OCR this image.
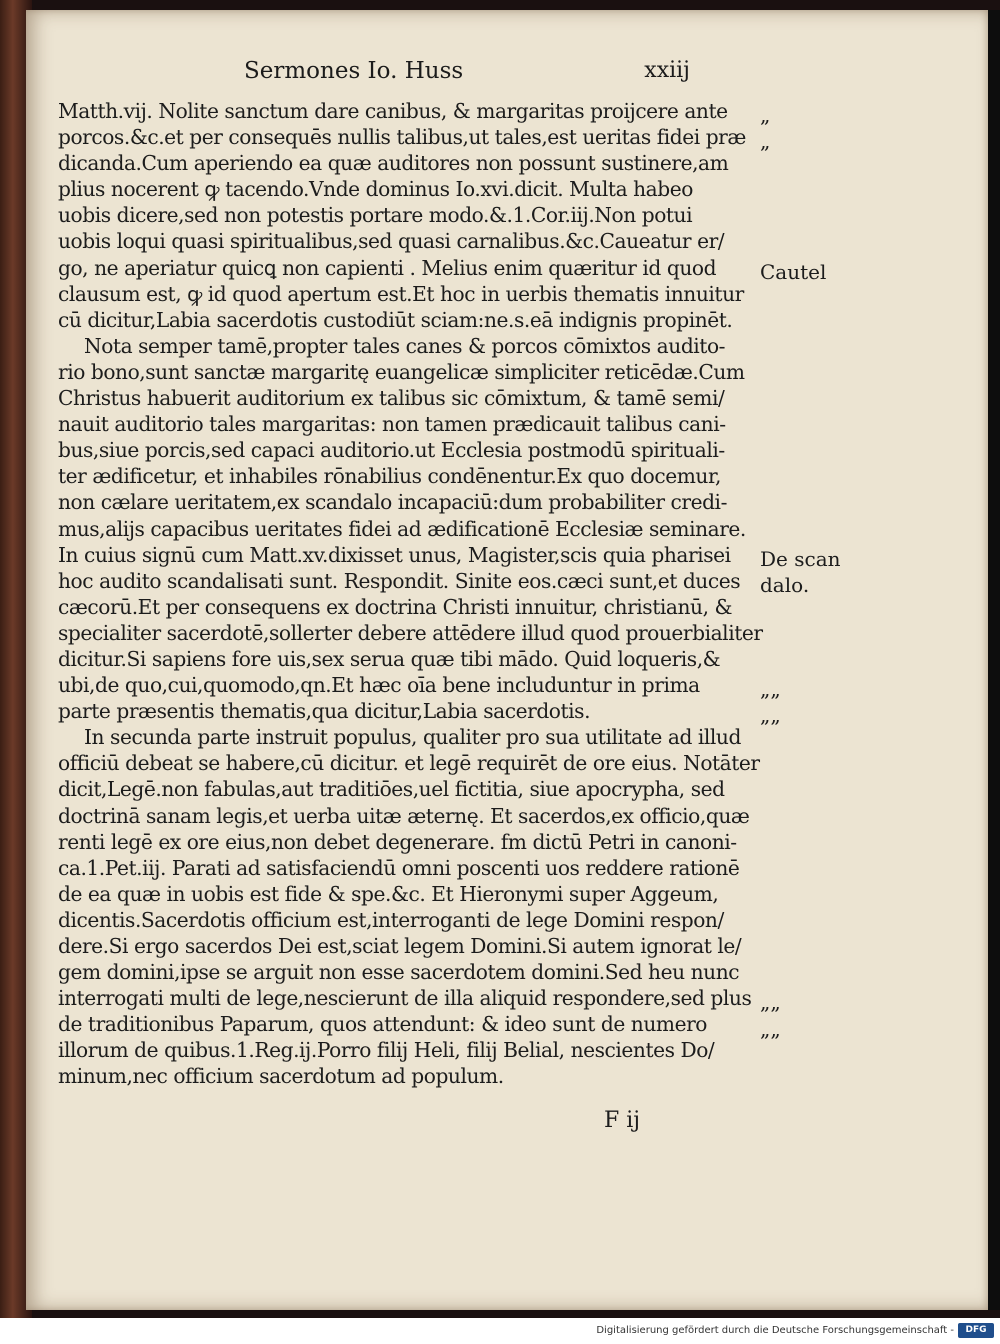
Sermones Io. Huss	xxiij
Matth.vij. Nolite sanctum dare canibus, & margaritas proijcere ante
porcos.&c.et per consequēs nullis talibus,ut tales,est ueritas fidei præ
dicanda.Cum aperiendo ea quæ auditores non possunt sustinere,am
plius nocerent ꝙ tacendo.Vnde dominus Io.xvi.dicit. Multa habeo
uobis dicere,sed non potestis portare modo.&.1.Cor.iij.Non potui
uobis loqui quasi spiritualibus,sed quasi carnalibus.&c.Caueatur er/
go, ne aperiatur quicꝗ non capienti . Melius enim quæritur id quod
clausum est, ꝙ id quod apertum est.Et hoc in uerbis thematis innuitur
cū dicitur,Labia sacerdotis custodiūt sciam:ne.s.eā indignis propinēt.
Nota semper tamē,propter tales canes & porcos cōmixtos audito-
rio bono,sunt sanctæ margaritę euangelicæ simpliciter reticēdæ.Cum
Christus habuerit auditorium ex talibus sic cōmixtum, & tamē semi/
nauit auditorio tales margaritas: non tamen prædicauit talibus cani-
bus,siue porcis,sed capaci auditorio.ut Ecclesia postmodū spirituali-
ter ædificetur, et inhabiles rōnabilius condēnentur.Ex quo docemur,
non cælare ueritatem,ex scandalo incapaciū:dum probabiliter credi-
mus,alijs capacibus ueritates fidei ad ædificationē Ecclesiæ seminare.
In cuius signū cum Matt.xv.dixisset unus, Magister,scis quia pharisei
hoc audito scandalisati sunt. Respondit. Sinite eos.cæci sunt,et duces
cæcorū.Et per consequens ex doctrina Christi innuitur, christianū, &
specialiter sacerdotē,sollerter debere attēdere illud quod prouerbialiter
dicitur.Si sapiens fore uis,sex serua quæ tibi mādo. Quid loqueris,&
ubi,de quo,cui,quomodo,qn.Et hæc oīa bene includuntur in prima
parte præsentis thematis,qua dicitur,Labia sacerdotis.
In secunda parte instruit populus, qualiter pro sua utilitate ad illud
officiū debeat se habere,cū dicitur. et legē requirēt de ore eius. Notāter
dicit,Legē.non fabulas,aut traditiōes,uel fictitia, siue apocrypha, sed
doctrinā sanam legis,et uerba uitæ æternę. Et sacerdos,ex officio,quæ
renti legē ex ore eius,non debet degenerare. fm dictū Petri in canoni-
ca.1.Pet.iij. Parati ad satisfaciendū omni poscenti uos reddere rationē
de ea quæ in uobis est fide & spe.&c. Et Hieronymi super Aggeum,
dicentis.Sacerdotis officium est,interroganti de lege Domini respon/
dere.Si ergo sacerdos Dei est,sciat legem Domini.Si autem ignorat le/
gem domini,ipse se arguit non esse sacerdotem domini.Sed heu nunc
interrogati multi de lege,nescierunt de illa aliquid respondere,sed plus
de traditionibus Paparum, quos attendunt: & ideo sunt de numero
illorum de quibus.1.Reg.ij.Porro filij Heli, filij Belial, nescientes Do/
minum,nec officium sacerdotum ad populum.
„
„
Cautel
De scan
dalo.
„„
„„
„„
„„
F ij
Digitalisierung gefördert durch die Deutsche Forschungsgemeinschaft -	DFG
